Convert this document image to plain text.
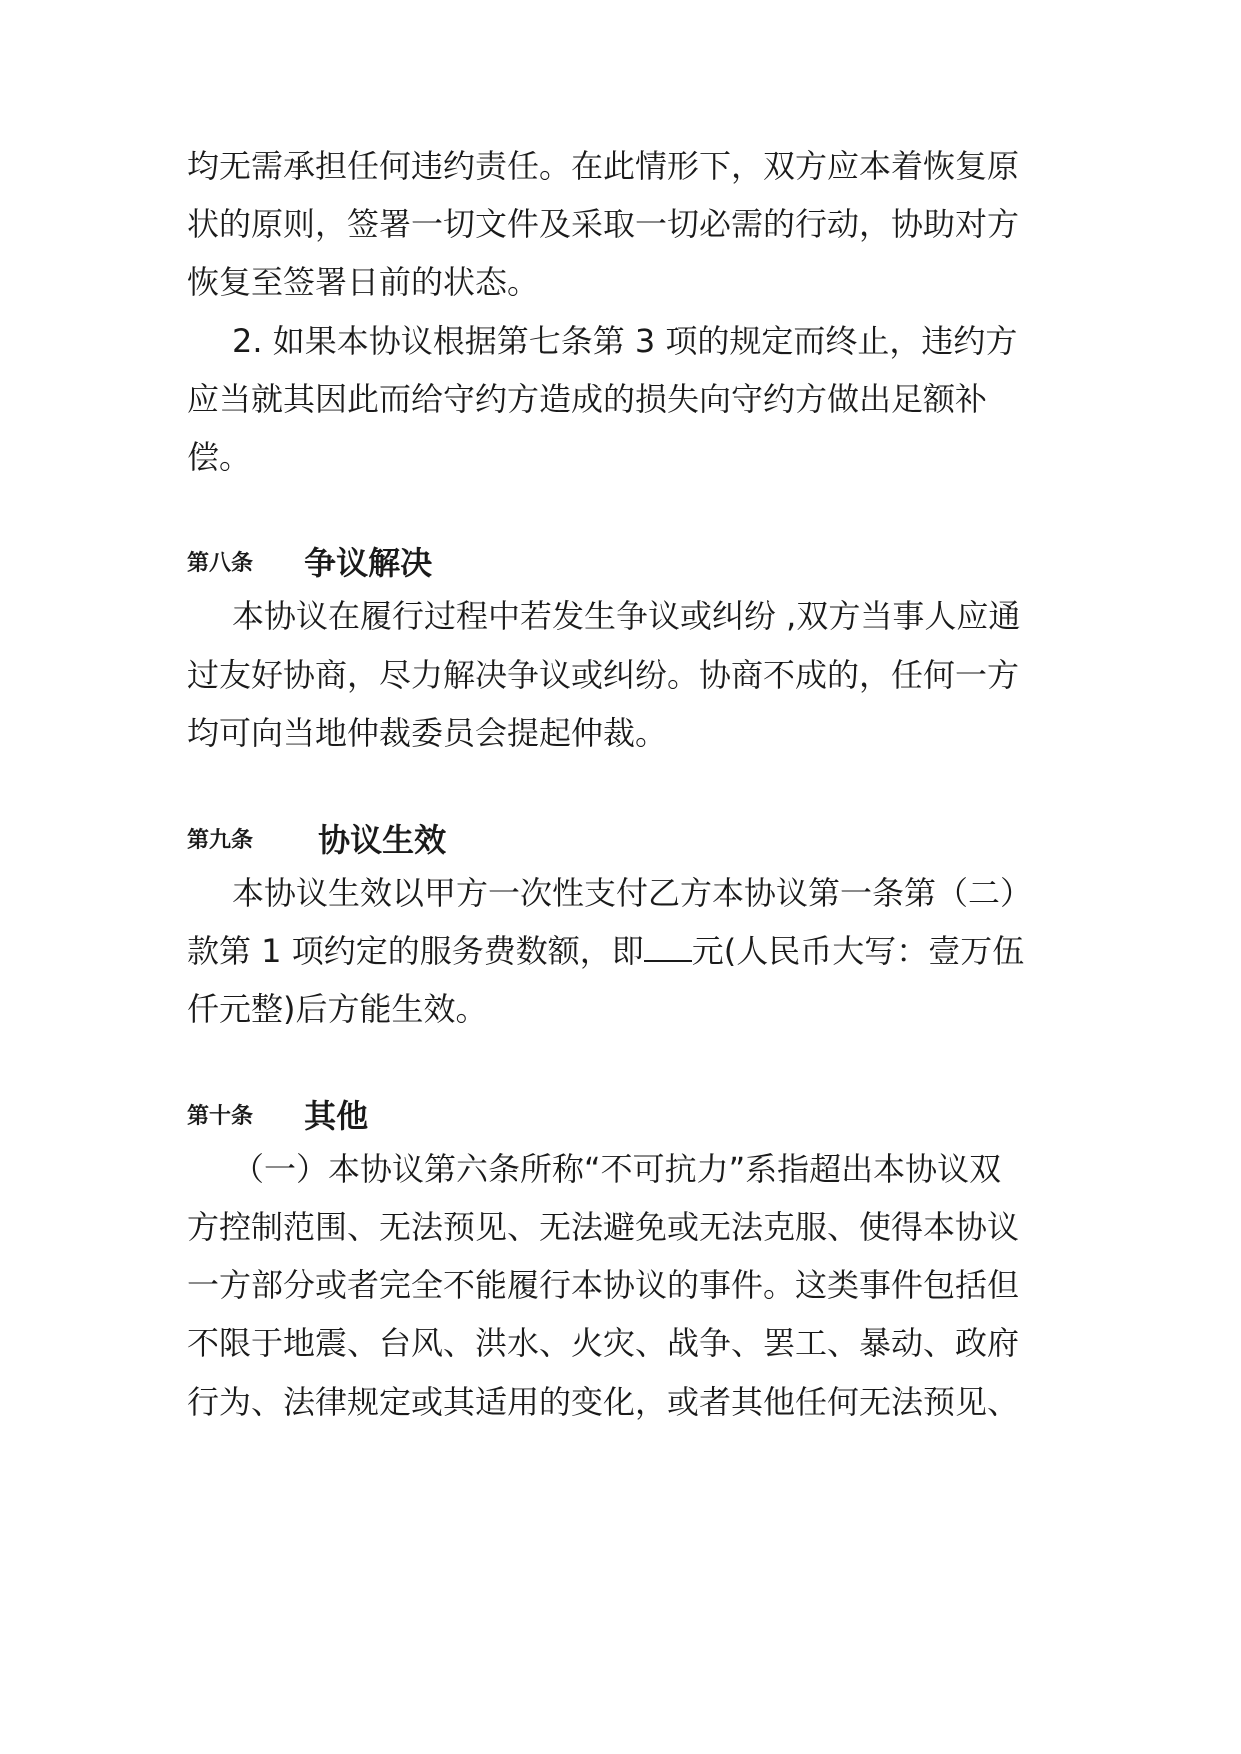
均无需承担任何违约责任。在此情形下，双方应本着恢复原
状的原则，签署一切文件及采取一切必需的行动，协助对方
恢复至签署日前的状态。
2. 如果本协议根据第七条第 3 项的规定而终止，违约方
应当就其因此而给守约方造成的损失向守约方做出足额补
偿。
第八条 争议解决
本协议在履行过程中若发生争议或纠纷 ,双方当事人应通
过友好协商，尽力解决争议或纠纷。协商不成的，任何一方
均可向当地仲裁委员会提起仲裁。
第九条 协议生效
本协议生效以甲方一次性支付乙方本协议第一条第（二）
款第 1 项约定的服务费数额，即 元(人民币大写：壹万伍
仟元整)后方能生效。
第十条 其他
（一）本协议第六条所称“不可抗力”系指超出本协议双
方控制范围、无法预见、无法避免或无法克服、使得本协议
一方部分或者完全不能履行本协议的事件。这类事件包括但
不限于地震、台风、洪水、火灾、战争、罢工、暴动、政府
行为、法律规定或其适用的变化，或者其他任何无法预见、
